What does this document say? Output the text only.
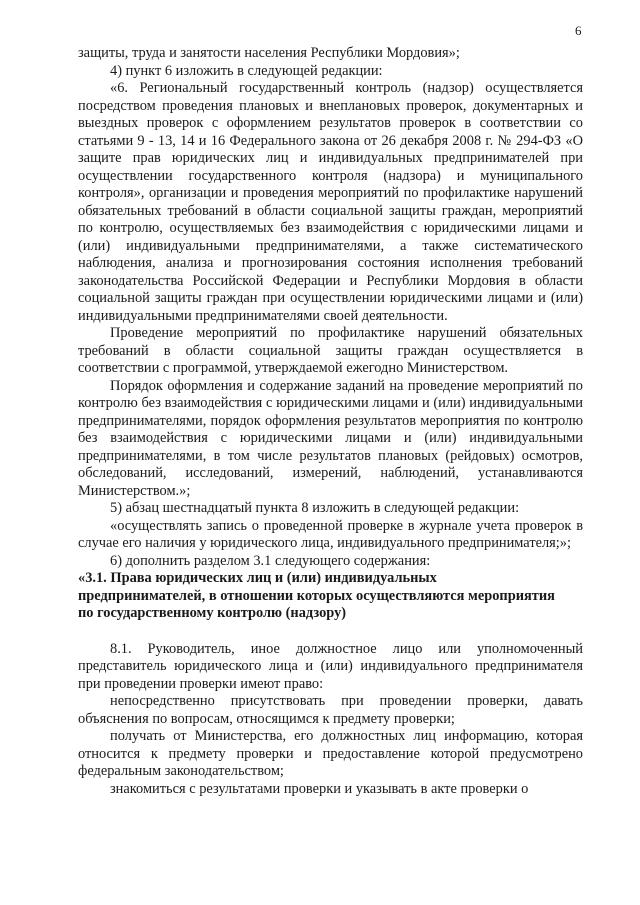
6

защиты, труда и занятости населения Республики Мордовия»;

4) пункт 6 изложить в следующей редакции:

«6. Региональный государственный контроль (надзор) осуществляется посредством проведения плановых и внеплановых проверок, документарных и выездных проверок с оформлением результатов проверок в соответствии со статьями 9 - 13, 14 и 16 Федерального закона от 26 декабря 2008 г. № 294-ФЗ «О защите прав юридических лиц и индивидуальных предпринимателей при осуществлении государственного контроля (надзора) и муниципального контроля», организации и проведения мероприятий по профилактике нарушений обязательных требований в области социальной защиты граждан, мероприятий по контролю, осуществляемых без взаимодействия с юридическими лицами и (или) индивидуальными предпринимателями, а также систематического наблюдения, анализа и прогнозирования состояния исполнения требований законодательства Российской Федерации и Республики Мордовия в области социальной защиты граждан при осуществлении юридическими лицами и (или) индивидуальными предпринимателями своей деятельности.

Проведение мероприятий по профилактике нарушений обязательных требований в области социальной защиты граждан осуществляется в соответствии с программой, утверждаемой ежегодно Министерством.

Порядок оформления и содержание заданий на проведение мероприятий по контролю без взаимодействия с юридическими лицами и (или) индивидуальными предпринимателями, порядок оформления результатов мероприятия по контролю без взаимодействия с юридическими лицами и (или) индивидуальными предпринимателями, в том числе результатов плановых (рейдовых) осмотров, обследований, исследований, измерений, наблюдений, устанавливаются Министерством.»;

5) абзац шестнадцатый пункта 8 изложить в следующей редакции:

«осуществлять запись о проведенной проверке в журнале учета проверок в случае его наличия у юридического лица, индивидуального предпринимателя;»;

6) дополнить разделом 3.1 следующего содержания:

«3.1. Права юридических лиц и (или) индивидуальных

предпринимателей, в отношении которых осуществляются мероприятия

по государственному контролю (надзору)

8.1. Руководитель, иное должностное лицо или уполномоченный представитель юридического лица и (или) индивидуального предпринимателя при проведении проверки имеют право:

непосредственно присутствовать при проведении проверки, давать объяснения по вопросам, относящимся к предмету проверки;

получать от Министерства, его должностных лиц информацию, которая относится к предмету проверки и предоставление которой предусмотрено федеральным законодательством;

знакомиться с результатами проверки и указывать в акте проверки о
